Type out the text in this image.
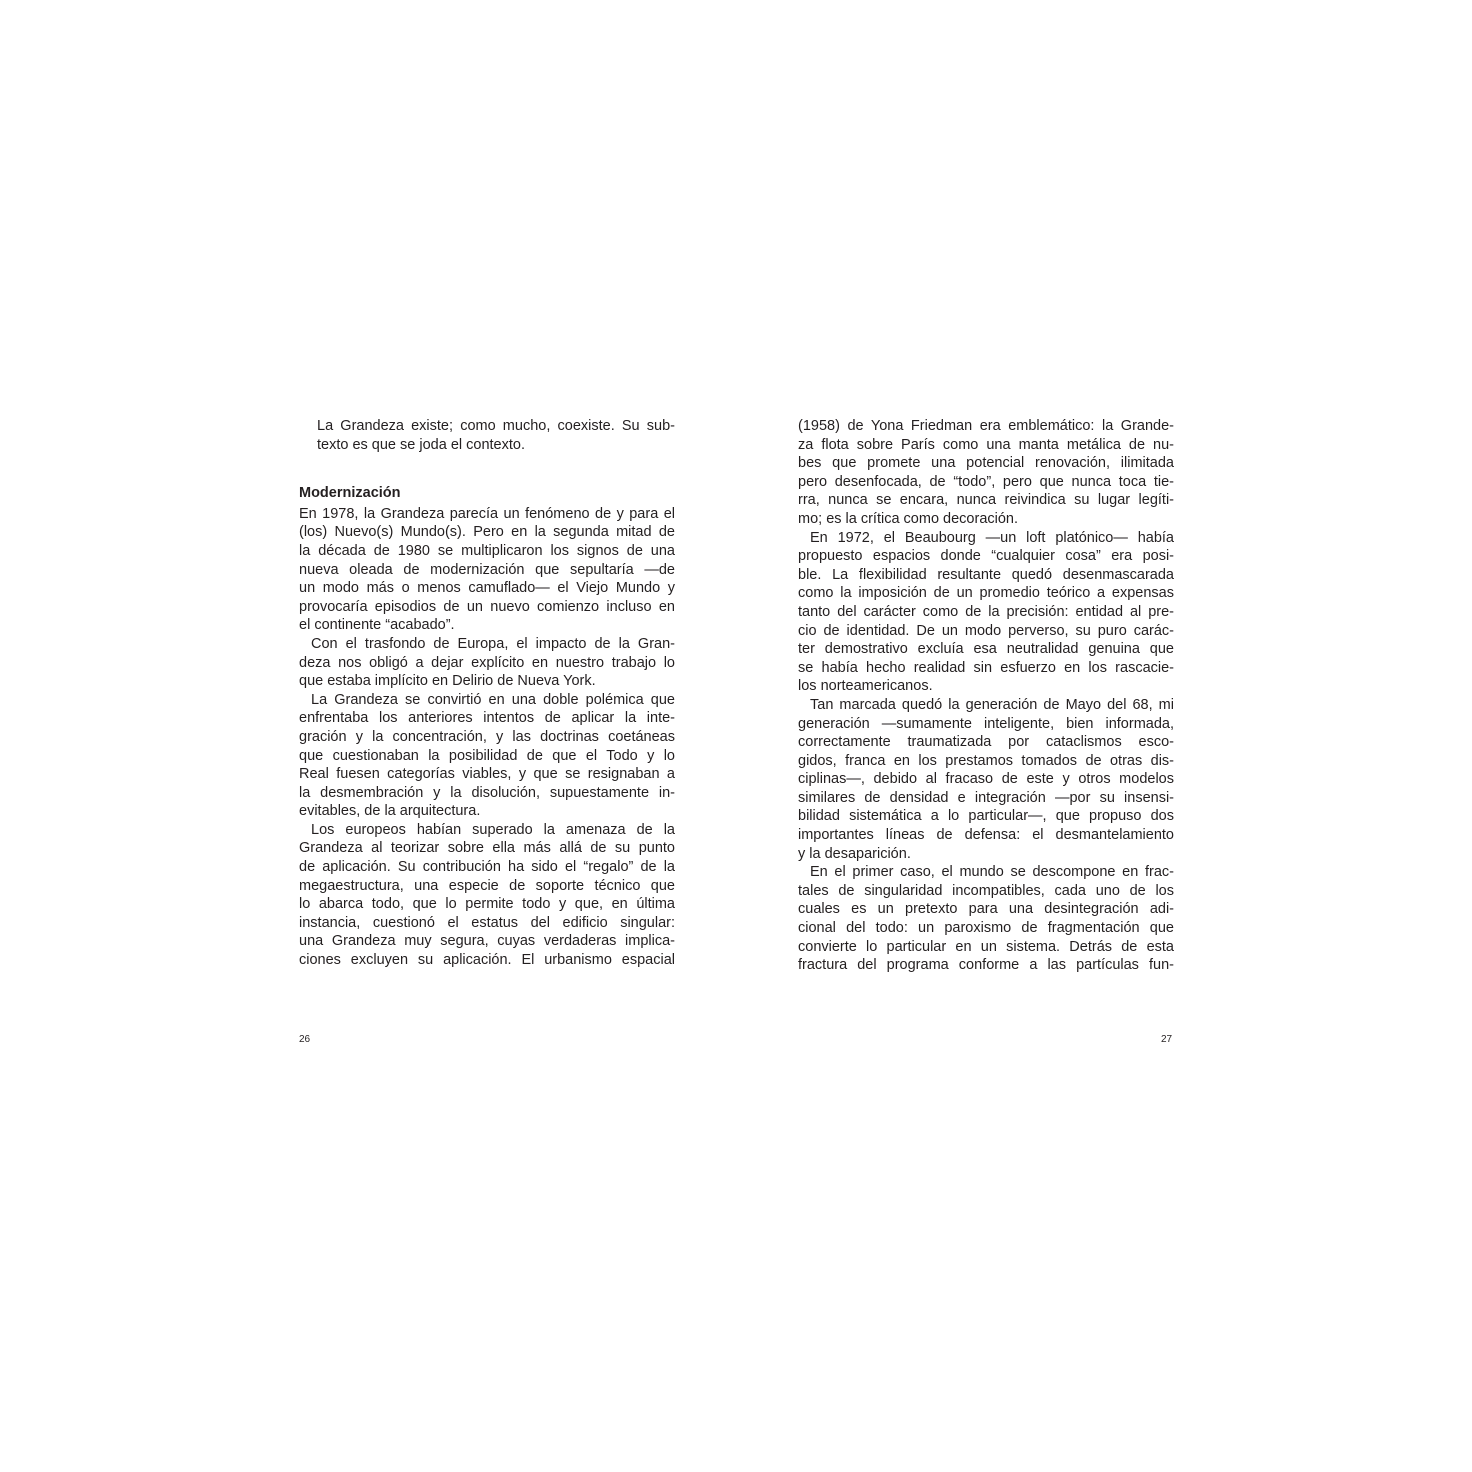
La Grandeza existe; como mucho, coexiste. Su sub-
texto es que se joda el contexto.
Modernización
En 1978, la Grandeza parecía un fenómeno de y para el
(los) Nuevo(s) Mundo(s). Pero en la segunda mitad de
la década de 1980 se multiplicaron los signos de una
nueva oleada de modernización que sepultaría —de
un modo más o menos camuflado— el Viejo Mundo y
provocaría episodios de un nuevo comienzo incluso en
el continente “acabado”.
Con el trasfondo de Europa, el impacto de la Gran-
deza nos obligó a dejar explícito en nuestro trabajo lo
que estaba implícito en Delirio de Nueva York.
La Grandeza se convirtió en una doble polémica que
enfrentaba los anteriores intentos de aplicar la inte-
gración y la concentración, y las doctrinas coetáneas
que cuestionaban la posibilidad de que el Todo y lo
Real fuesen categorías viables, y que se resignaban a
la desmembración y la disolución, supuestamente in-
evitables, de la arquitectura.
Los europeos habían superado la amenaza de la
Grandeza al teorizar sobre ella más allá de su punto
de aplicación. Su contribución ha sido el “regalo” de la
megaestructura, una especie de soporte técnico que
lo abarca todo, que lo permite todo y que, en última
instancia, cuestionó el estatus del edificio singular:
una Grandeza muy segura, cuyas verdaderas implica-
ciones excluyen su aplicación. El urbanismo espacial
(1958) de Yona Friedman era emblemático: la Grande-
za flota sobre París como una manta metálica de nu-
bes que promete una potencial renovación, ilimitada
pero desenfocada, de “todo”, pero que nunca toca tie-
rra, nunca se encara, nunca reivindica su lugar legíti-
mo; es la crítica como decoración.
En 1972, el Beaubourg —un loft platónico— había
propuesto espacios donde “cualquier cosa” era posi-
ble. La flexibilidad resultante quedó desenmascarada
como la imposición de un promedio teórico a expensas
tanto del carácter como de la precisión: entidad al pre-
cio de identidad. De un modo perverso, su puro carác-
ter demostrativo excluía esa neutralidad genuina que
se había hecho realidad sin esfuerzo en los rascacie-
los norteamericanos.
Tan marcada quedó la generación de Mayo del 68, mi
generación —sumamente inteligente, bien informada,
correctamente traumatizada por cataclismos esco-
gidos, franca en los prestamos tomados de otras dis-
ciplinas—, debido al fracaso de este y otros modelos
similares de densidad e integración —por su insensi-
bilidad sistemática a lo particular—, que propuso dos
importantes líneas de defensa: el desmantelamiento
y la desaparición.
En el primer caso, el mundo se descompone en frac-
tales de singularidad incompatibles, cada uno de los
cuales es un pretexto para una desintegración adi-
cional del todo: un paroxismo de fragmentación que
convierte lo particular en un sistema. Detrás de esta
fractura del programa conforme a las partículas fun-
26	27
